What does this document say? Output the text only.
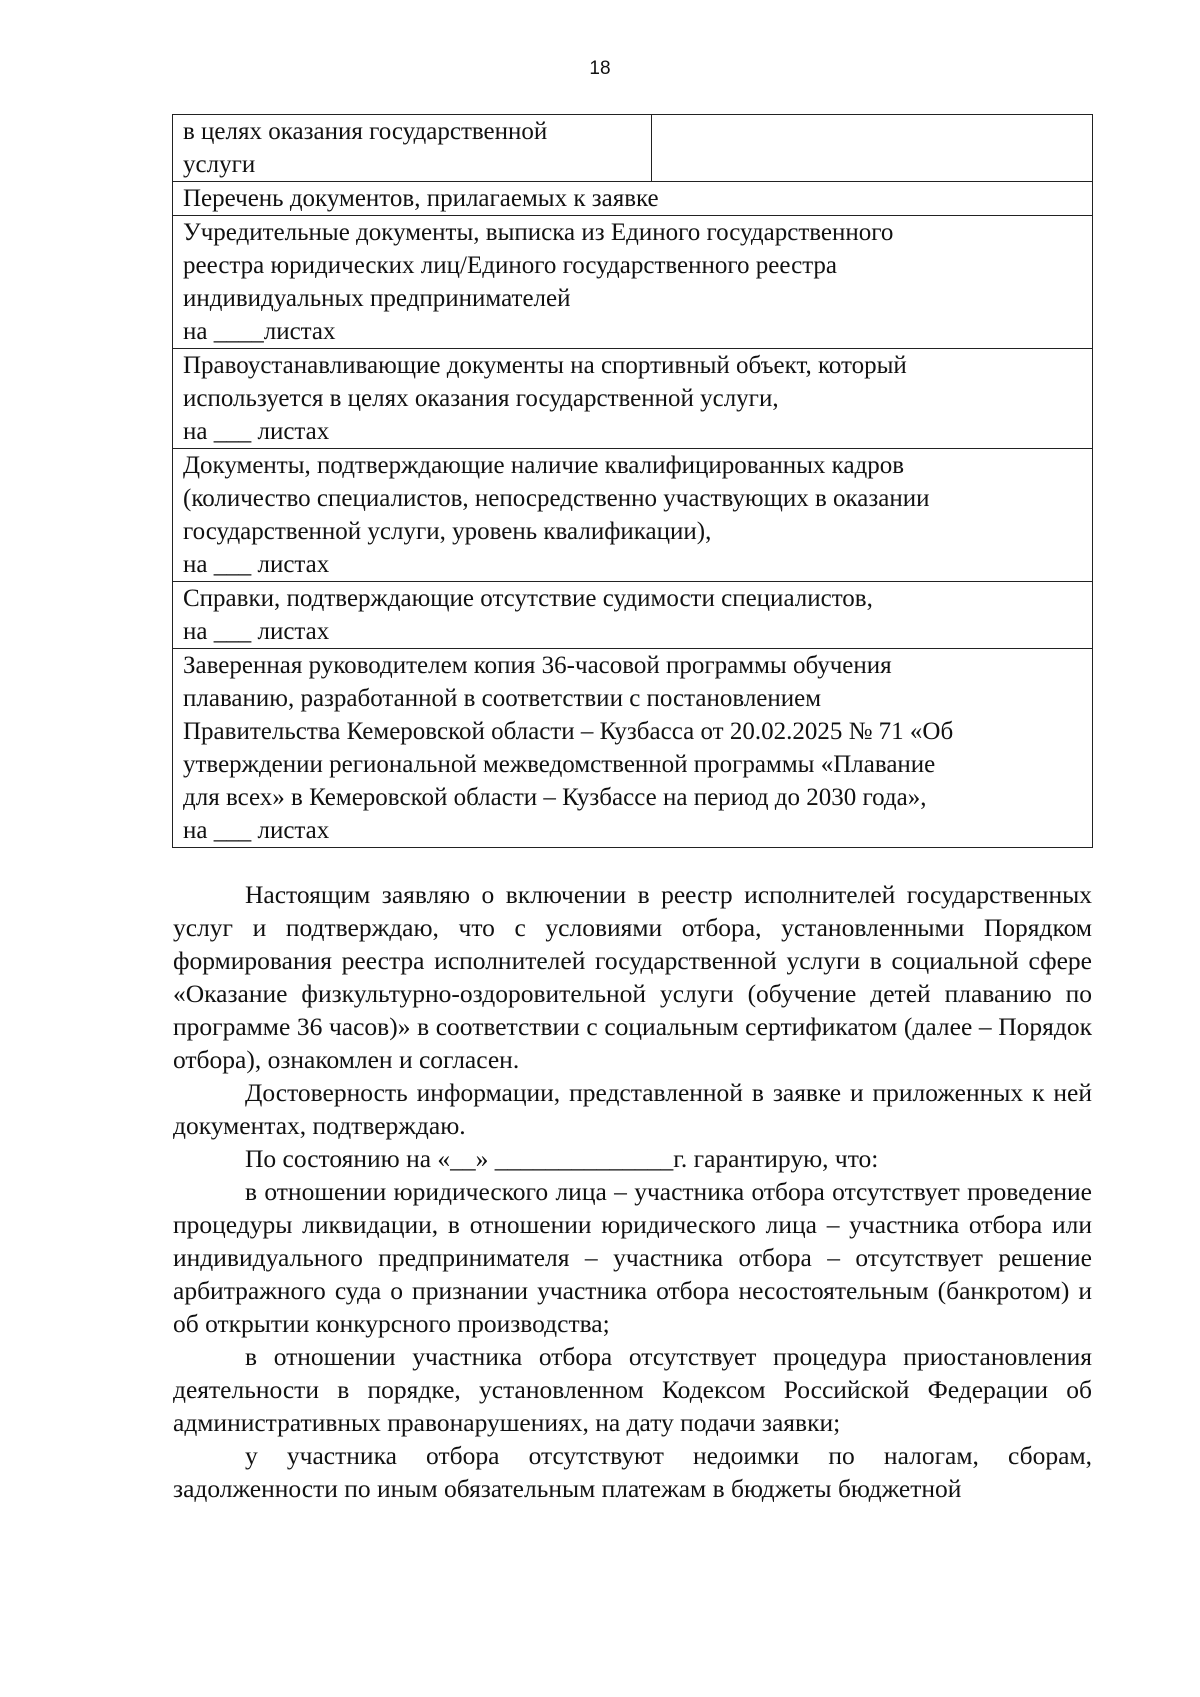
18
в целях оказания государственной
услуги

Перечень документов, прилагаемых к заявке

Учредительные документы, выписка из Единого государственного
реестра юридических лиц/Единого государственного реестра
индивидуальных предпринимателей
на ____листах

Правоустанавливающие документы на спортивный объект, который
используется в целях оказания государственной услуги,
на ___ листах

Документы, подтверждающие наличие квалифицированных кадров
(количество специалистов, непосредственно участвующих в оказании
государственной услуги, уровень квалификации),
на ___ листах

Справки, подтверждающие отсутствие судимости специалистов,
на ___ листах

Заверенная руководителем копия 36-часовой программы обучения
плаванию, разработанной в соответствии с постановлением
Правительства Кемеровской области – Кузбасса от 20.02.2025 № 71 «Об
утверждении региональной межведомственной программы «Плавание
для всех» в Кемеровской области – Кузбассе на период до 2030 года»,
на ___ листах

Настоящим заявляю о включении в реестр исполнителей государственных услуг и подтверждаю, что с условиями отбора, установленными Порядком формирования реестра исполнителей государственной услуги в социальной сфере «Оказание физкультурно-оздоровительной услуги (обучение детей плаванию по программе 36 часов)» в соответствии с социальным сертификатом (далее – Порядок отбора), ознакомлен и согласен.

Достоверность информации, представленной в заявке и приложенных к ней документах, подтверждаю.

По состоянию на «__» ______________г. гарантирую, что:

в отношении юридического лица – участника отбора отсутствует проведение процедуры ликвидации, в отношении юридического лица – участника отбора или индивидуального предпринимателя – участника отбора – отсутствует решение арбитражного суда о признании участника отбора несостоятельным (банкротом) и об открытии конкурсного производства;

в отношении участника отбора отсутствует процедура приостановления деятельности в порядке, установленном Кодексом Российской Федерации об административных правонарушениях, на дату подачи заявки;

у участника отбора отсутствуют недоимки по налогам, сборам, задолженности по иным обязательным платежам в бюджеты бюджетной
